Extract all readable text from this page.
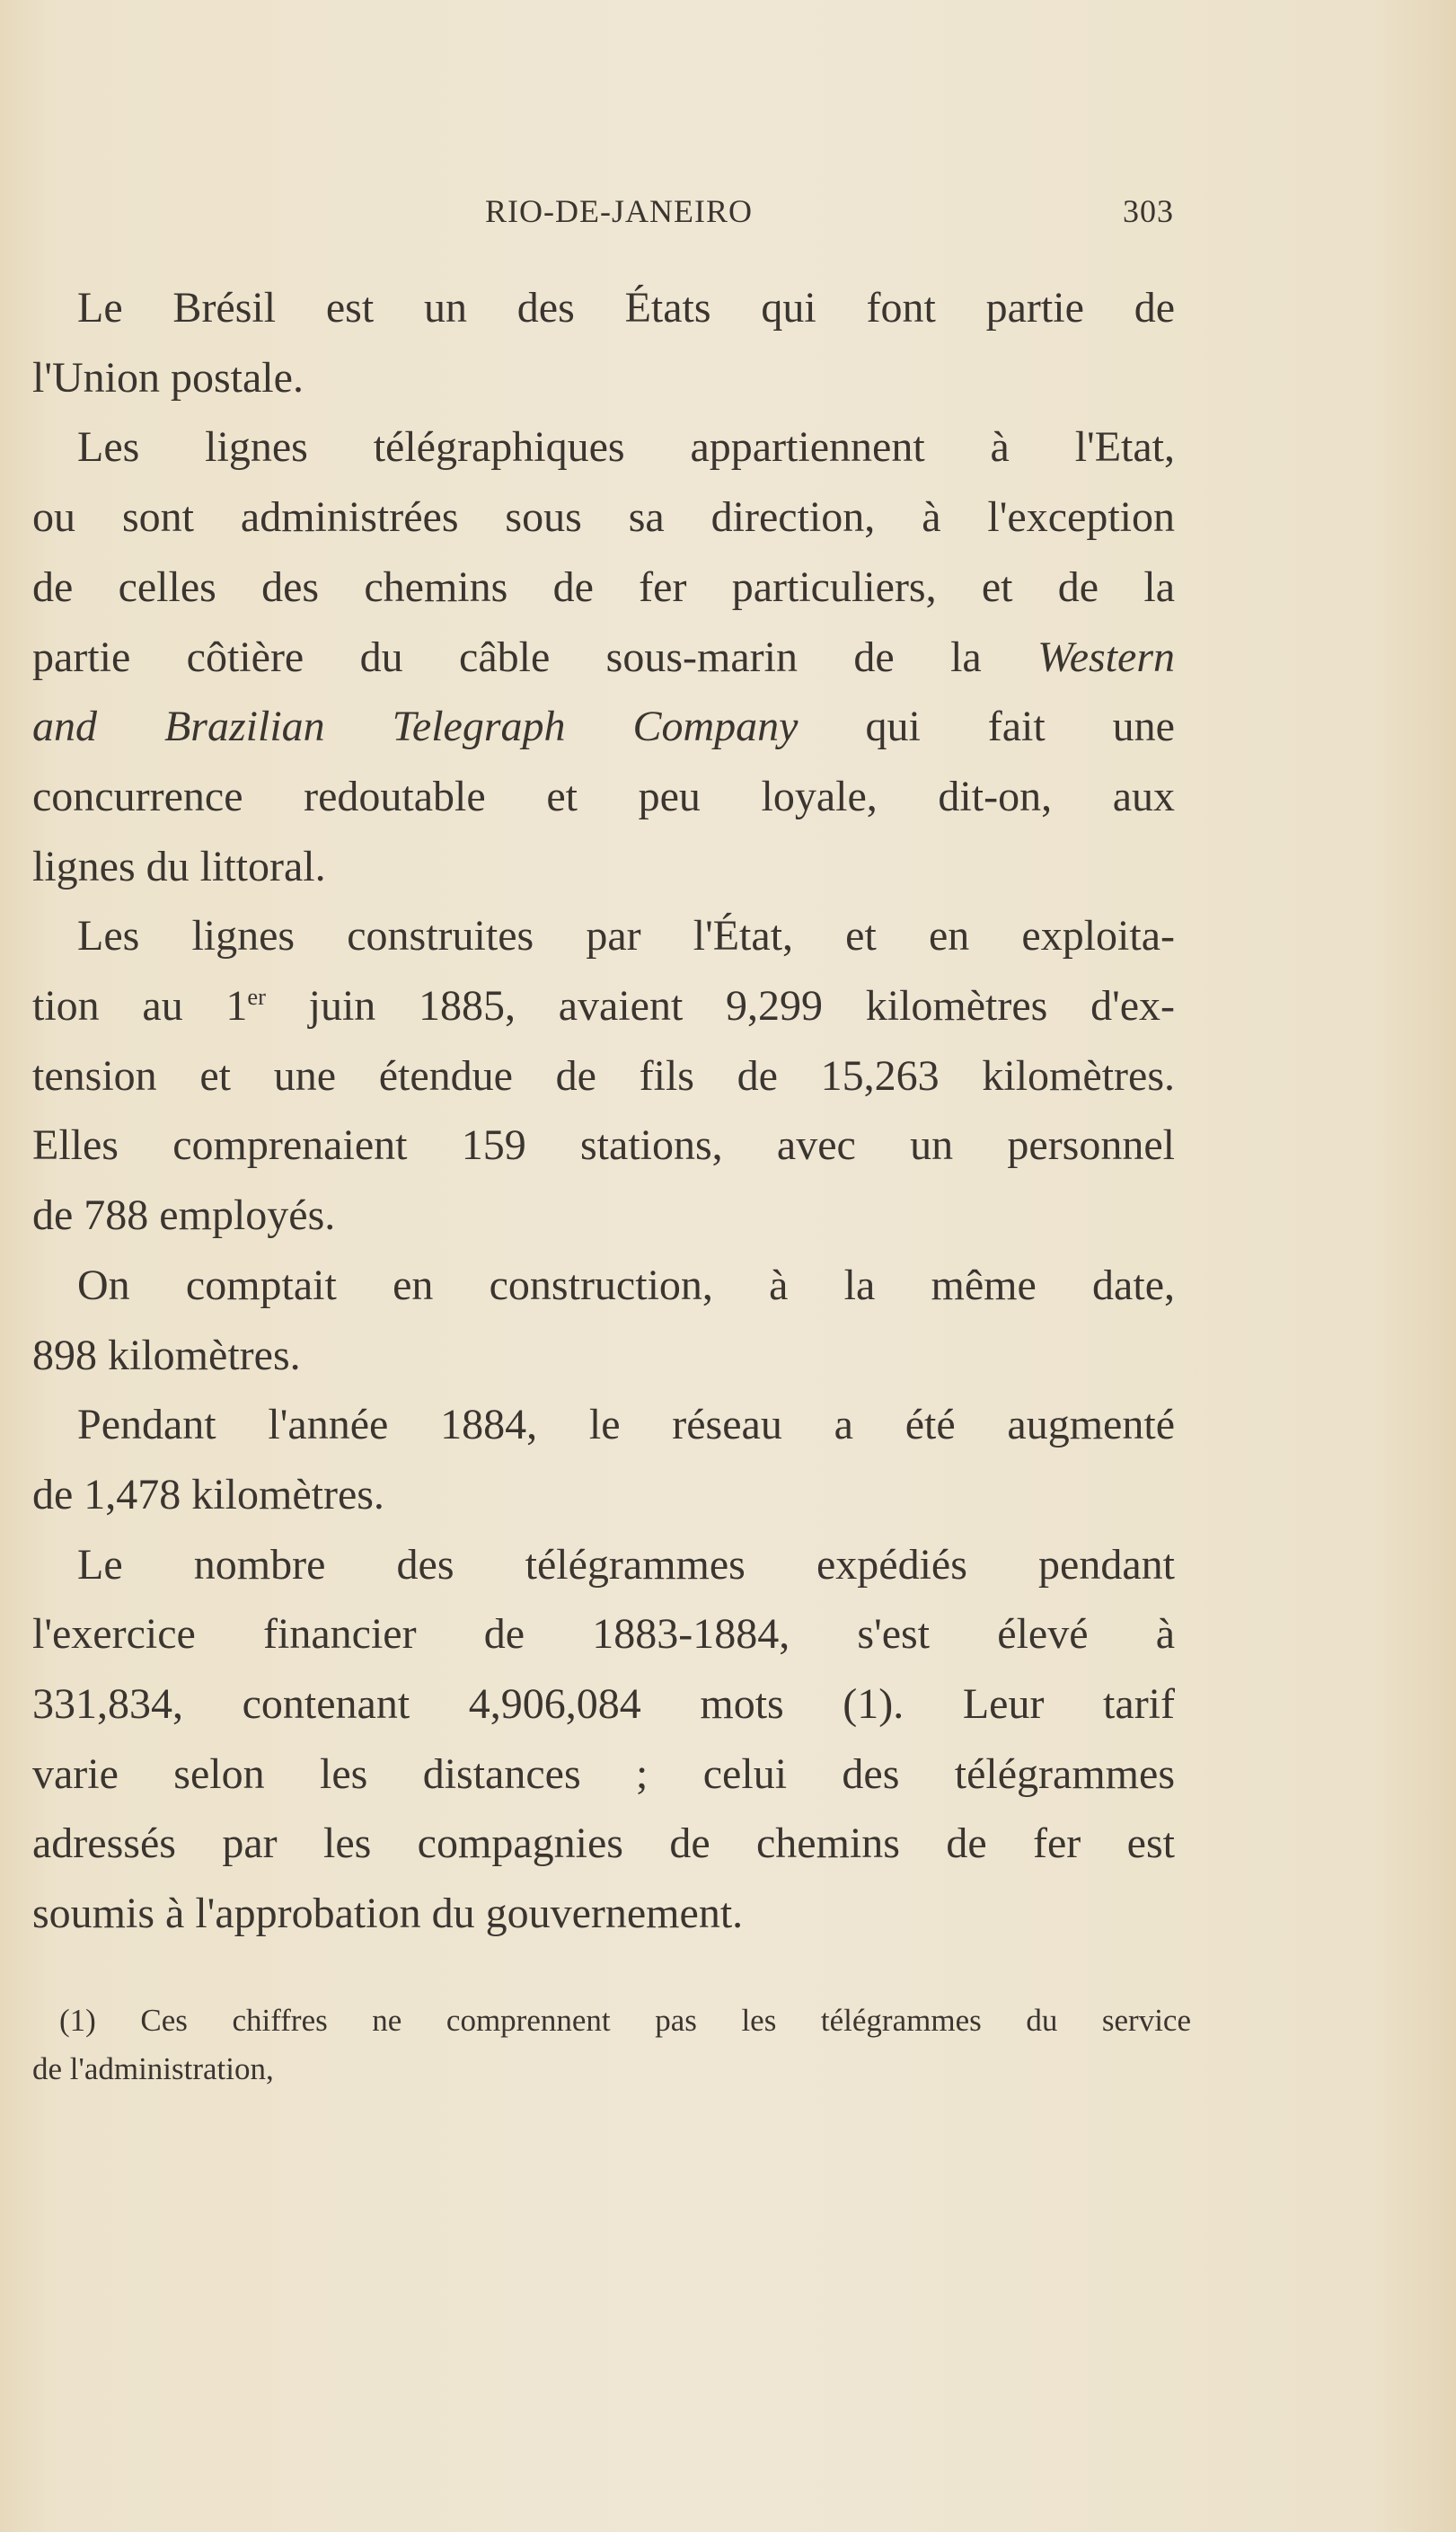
RIO-DE-JANEIRO	303
Le Brésil est un des États qui font partie de
l'Union postale.
Les lignes télégraphiques appartiennent à l'Etat,
ou sont administrées sous sa direction, à l'exception
de celles des chemins de fer particuliers, et de la
partie côtière du câble sous-marin de la Western
and Brazilian Telegraph Company qui fait une
concurrence redoutable et peu loyale, dit-on, aux
lignes du littoral.
Les lignes construites par l'État, et en exploita-
tion au 1er juin 1885, avaient 9,299 kilomètres d'ex-
tension et une étendue de fils de 15,263 kilomètres.
Elles comprenaient 159 stations, avec un personnel
de 788 employés.
On comptait en construction, à la même date,
898 kilomètres.
Pendant l'année 1884, le réseau a été augmenté
de 1,478 kilomètres.
Le nombre des télégrammes expédiés pendant
l'exercice financier de 1883-1884, s'est élevé à
331,834, contenant 4,906,084 mots (1). Leur tarif
varie selon les distances ; celui des télégrammes
adressés par les compagnies de chemins de fer est
soumis à l'approbation du gouvernement.
(1) Ces chiffres ne comprennent pas les télégrammes du service
de l'administration,
